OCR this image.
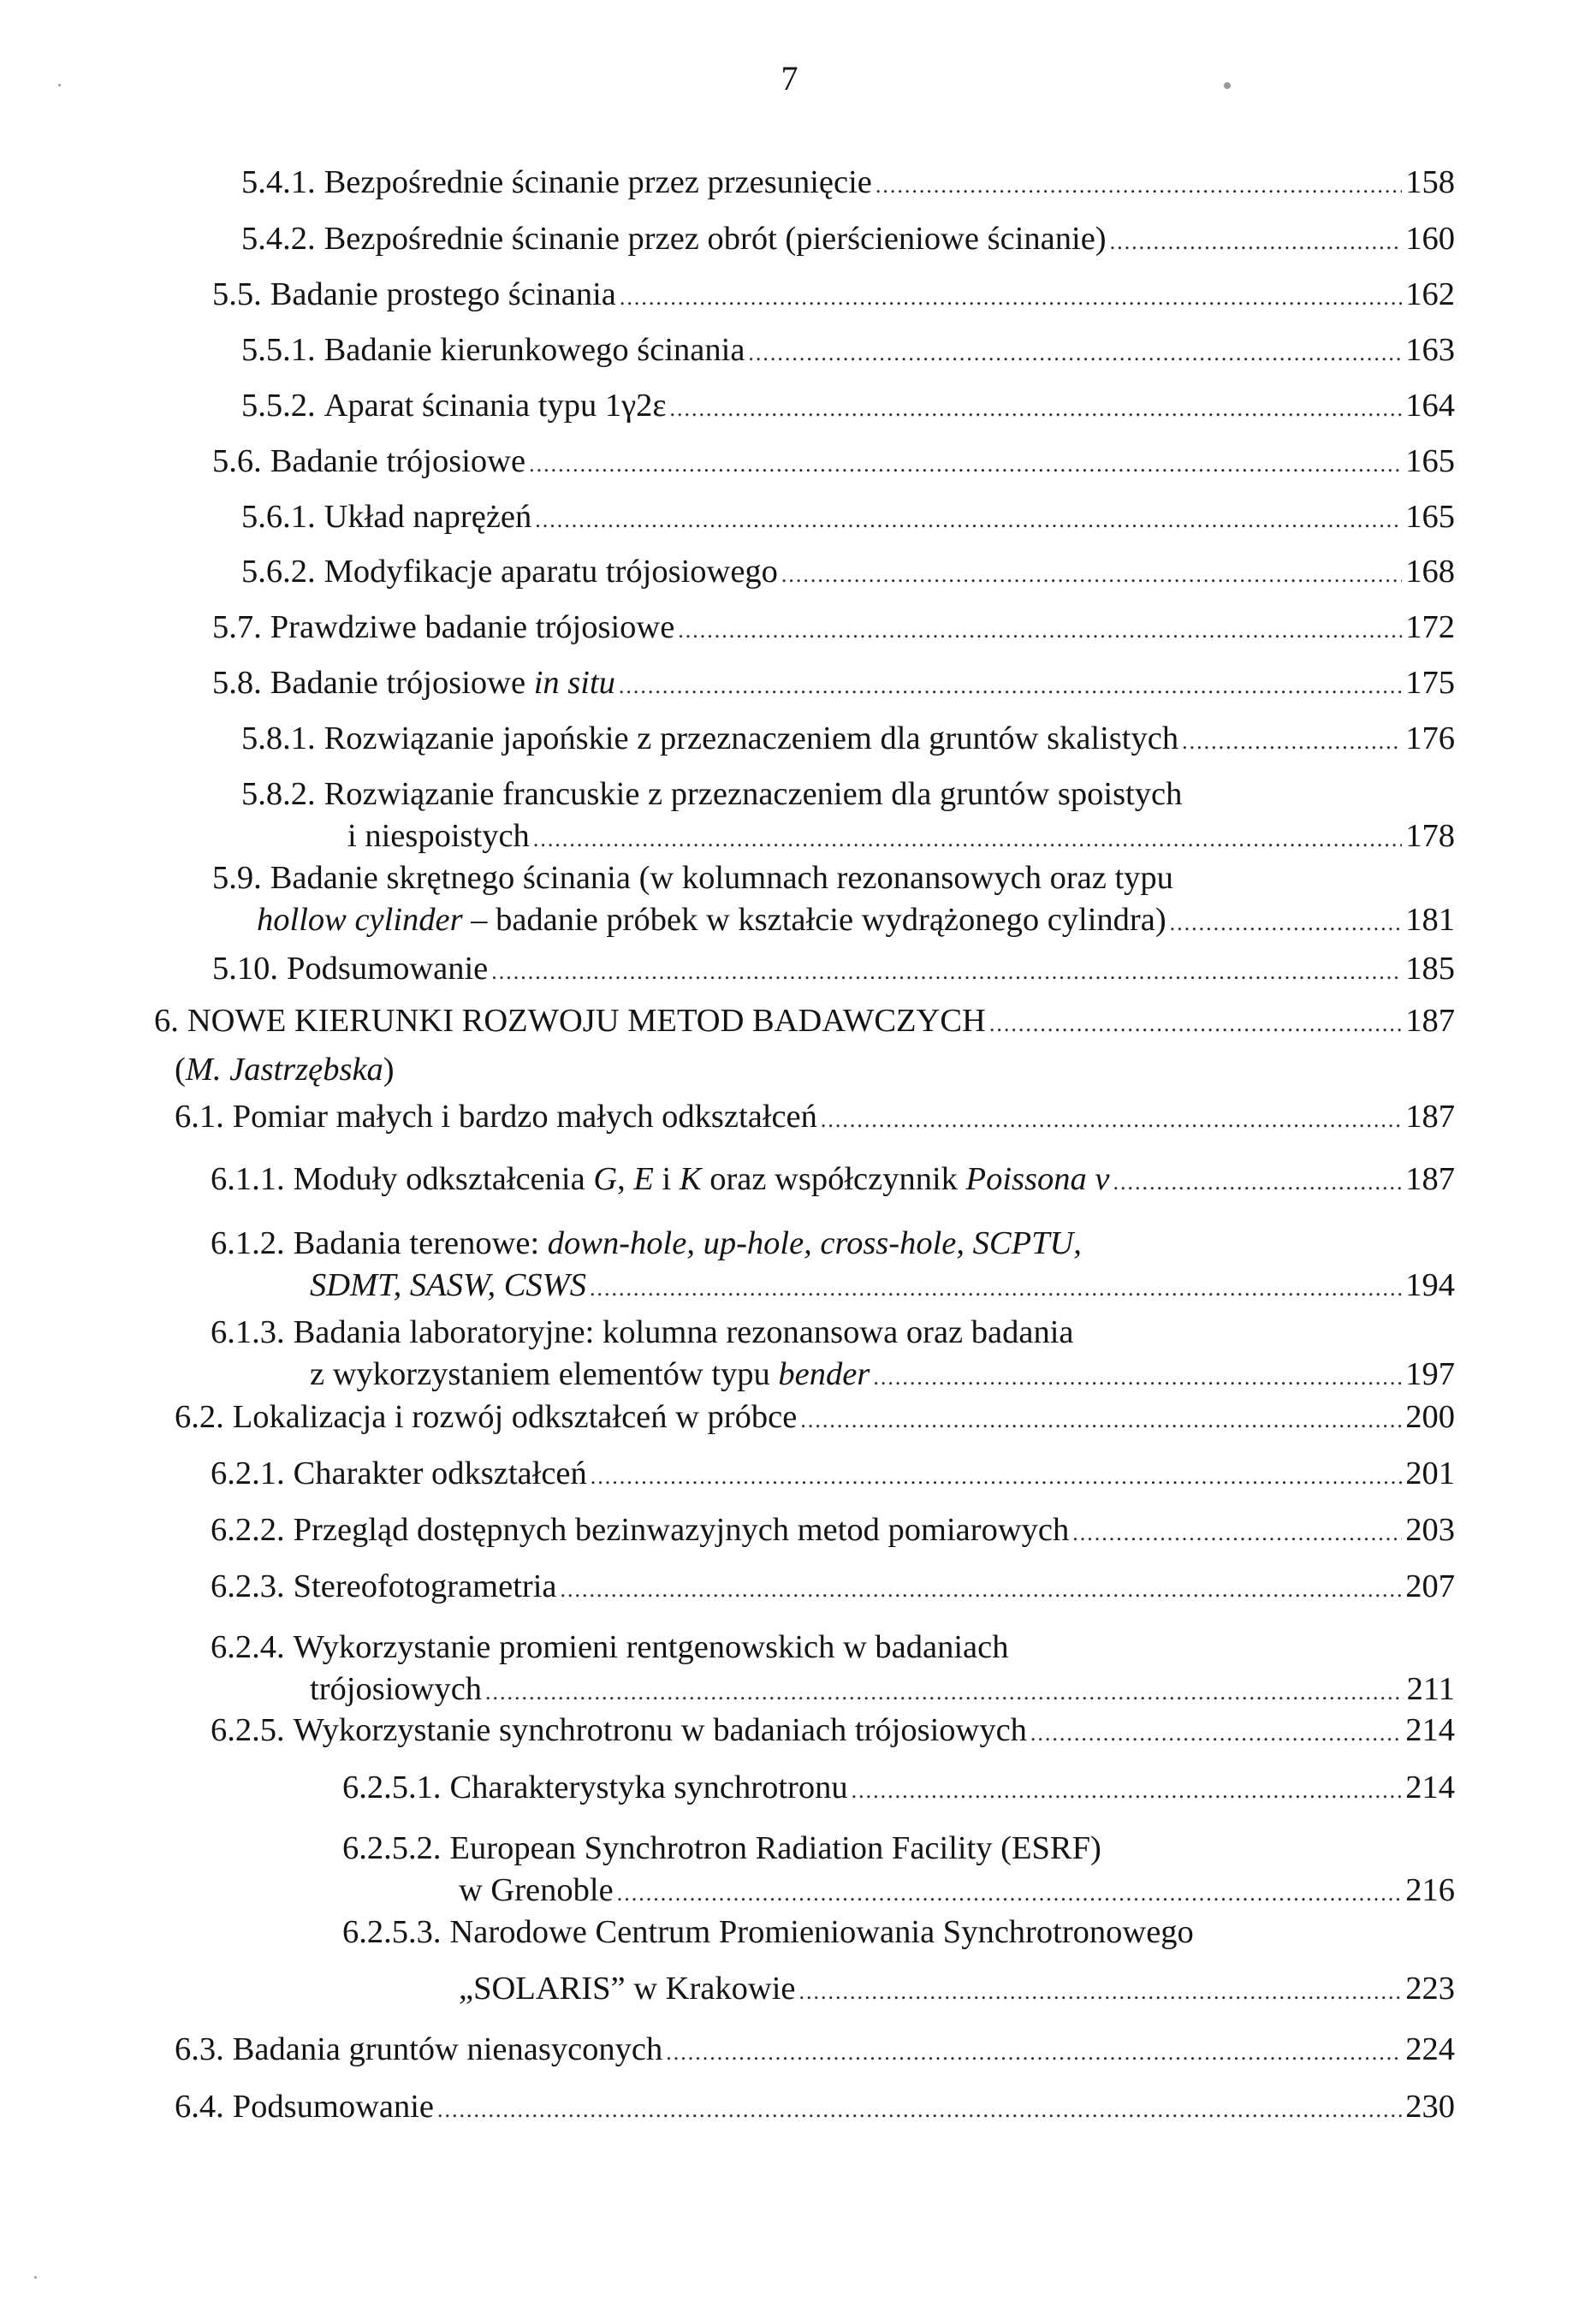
7
5.4.1. Bezpośrednie ścinanie przez przesunięcie .....	158
5.4.2. Bezpośrednie ścinanie przez obrót (pierścieniowe ścinanie) .....	160
5.5. Badanie prostego ścinania .....	162
5.5.1. Badanie kierunkowego ścinania .....	163
5.5.2. Aparat ścinania typu 1γ2ε .....	164
5.6. Badanie trójosiowe .....	165
5.6.1. Układ naprężeń .....	165
5.6.2. Modyfikacje aparatu trójosiowego .....	168
5.7. Prawdziwe badanie trójosiowe .....	172
5.8. Badanie trójosiowe in situ .....	175
5.8.1. Rozwiązanie japońskie z przeznaczeniem dla gruntów skalistych .....	176
5.8.2. Rozwiązanie francuskie z przeznaczeniem dla gruntów spoistych
i niespoistych .....	178
5.9. Badanie skrętnego ścinania (w kolumnach rezonansowych oraz typu
hollow cylinder – badanie próbek w kształcie wydrążonego cylindra) .....	181
5.10. Podsumowanie .....	185
6. NOWE KIERUNKI ROZWOJU METOD BADAWCZYCH .....	187
( M. Jastrzębska )
6.1. Pomiar małych i bardzo małych odkształceń .....	187
6.1.1. Moduły odkształcenia G , E i K oraz współczynnik Poissona v .....	187
6.1.2. Badania terenowe: down-hole, up-hole, cross-hole, SCPTU,
SDMT, SASW, CSWS .....	194
6.1.3. Badania laboratoryjne: kolumna rezonansowa oraz badania
z wykorzystaniem elementów typu bender .....	197
6.2. Lokalizacja i rozwój odkształceń w próbce .....	200
6.2.1. Charakter odkształceń .....	201
6.2.2. Przegląd dostępnych bezinwazyjnych metod pomiarowych .....	203
6.2.3. Stereofotogrametria .....	207
6.2.4. Wykorzystanie promieni rentgenowskich w badaniach
trójosiowych .....	211
6.2.5. Wykorzystanie synchrotronu w badaniach trójosiowych .....	214
6.2.5.1. Charakterystyka synchrotronu .....	214
6.2.5.2. European Synchrotron Radiation Facility (ESRF)
w Grenoble .....	216
6.2.5.3. Narodowe Centrum Promieniowania Synchrotronowego
„SOLARIS” w Krakowie .....	223
6.3. Badania gruntów nienasyconych .....	224
6.4. Podsumowanie .....	230
